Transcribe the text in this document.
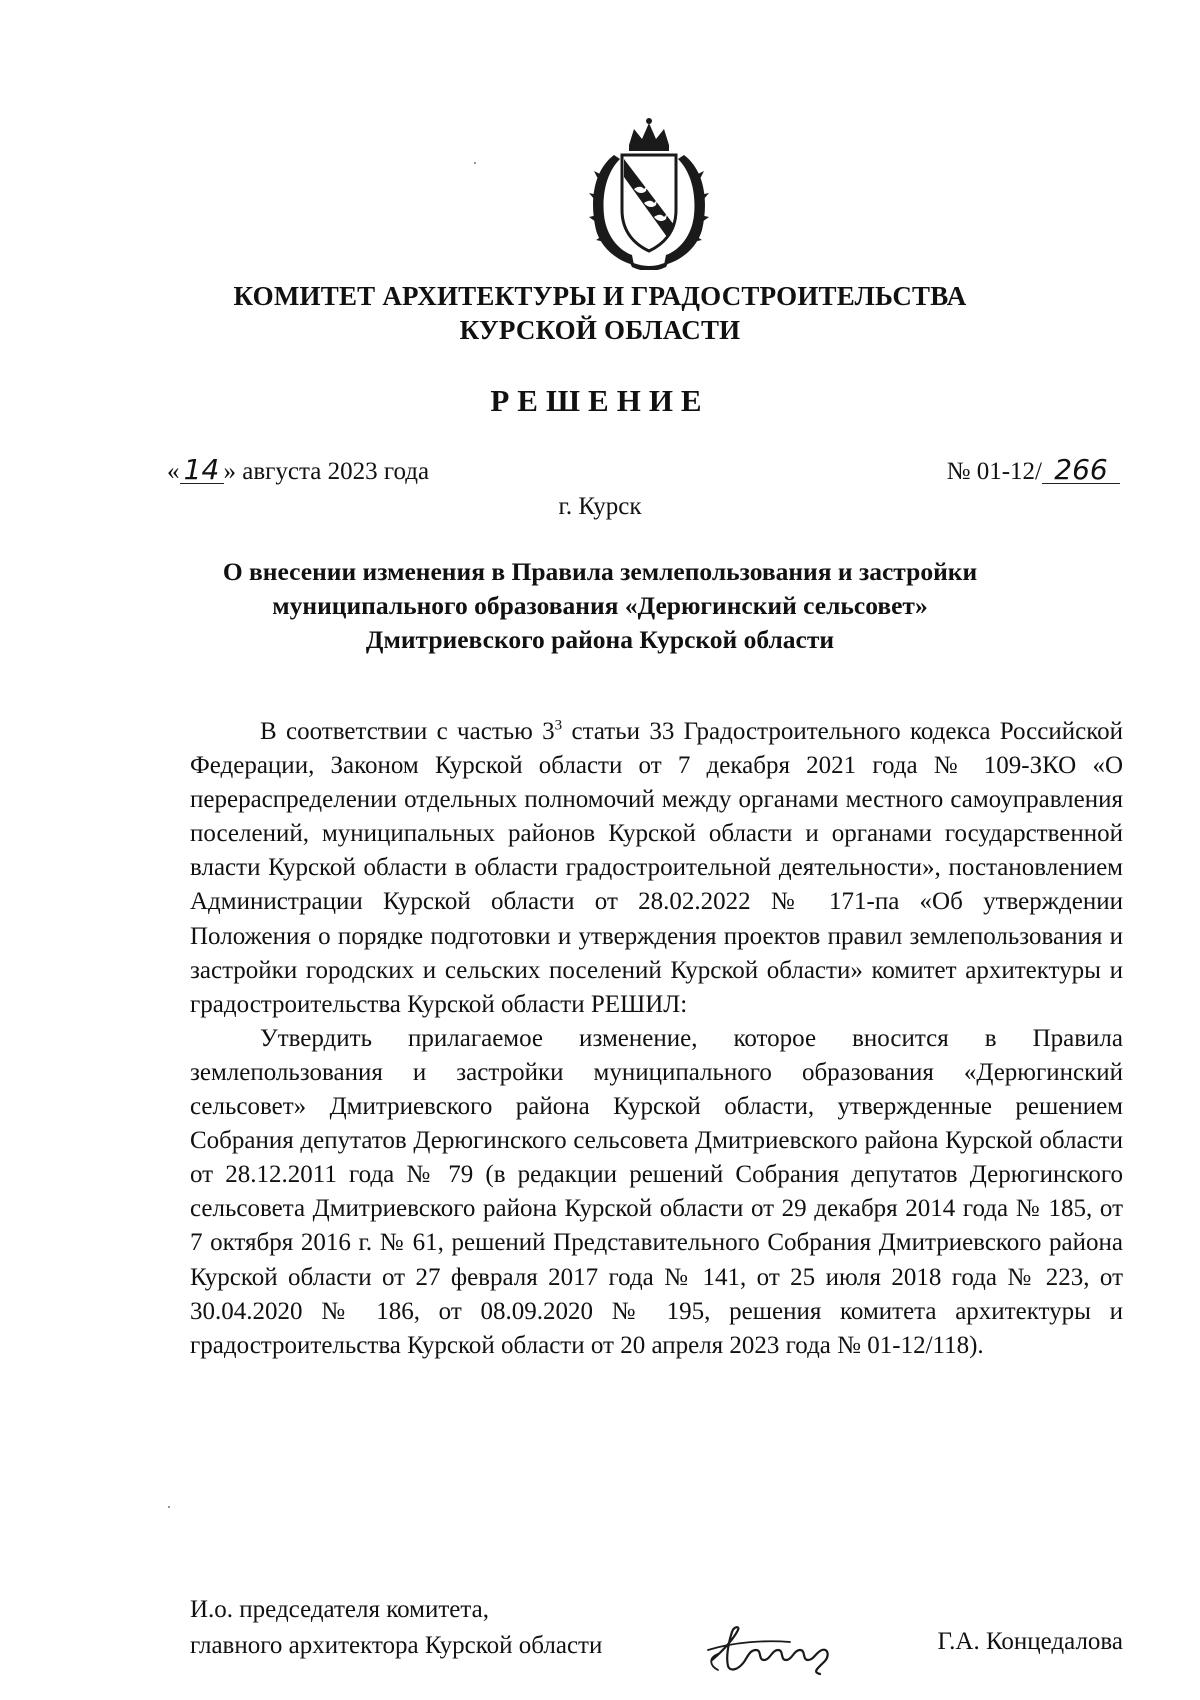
КОМИТЕТ АРХИТЕКТУРЫ И ГРАДОСТРОИТЕЛЬСТВА
КУРСКОЙ ОБЛАСТИ
РЕШЕНИЕ
« 14 » августа 2023 года	№ 01-12/ 266
г. Курск
О внесении изменения в Правила землепользования и застройки
муниципального образования «Дерюгинский сельсовет»
Дмитриевского района Курской области

В соответствии с частью $3^3$ статьи 33 Градостроительного кодекса Российской Федерации, Законом Курской области от 7 декабря 2021 года № 109-ЗКО «О перераспределении отдельных полномочий между органами местного самоуправления поселений, муниципальных районов Курской области и органами государственной власти Курской области в области градостроительной деятельности», постановлением Администрации Курской области от 28.02.2022 № 171-па «Об утверждении Положения о порядке подготовки и утверждения проектов правил землепользования и застройки городских и сельских поселений Курской области» комитет архитектуры и градостроительства Курской области РЕШИЛ:

Утвердить прилагаемое изменение, которое вносится в Правила землепользования и застройки муниципального образования «Дерюгинский сельсовет» Дмитриевского района Курской области, утвержденные решением Собрания депутатов Дерюгинского сельсовета Дмитриевского района Курской области от 28.12.2011 года № 79 (в редакции решений Собрания депутатов Дерюгинского сельсовета Дмитриевского района Курской области от 29 декабря 2014 года № 185, от 7 октября 2016 г. № 61, решений Представительного Собрания Дмитриевского района Курской области от 27 февраля 2017 года № 141, от 25 июля 2018 года № 223, от 30.04.2020 № 186, от 08.09.2020 № 195, решения комитета архитектуры и градостроительства Курской области от 20 апреля 2023 года № 01-12/118).

И.о. председателя комитета,
главного архитектора Курской области	Г.А. Концедалова
